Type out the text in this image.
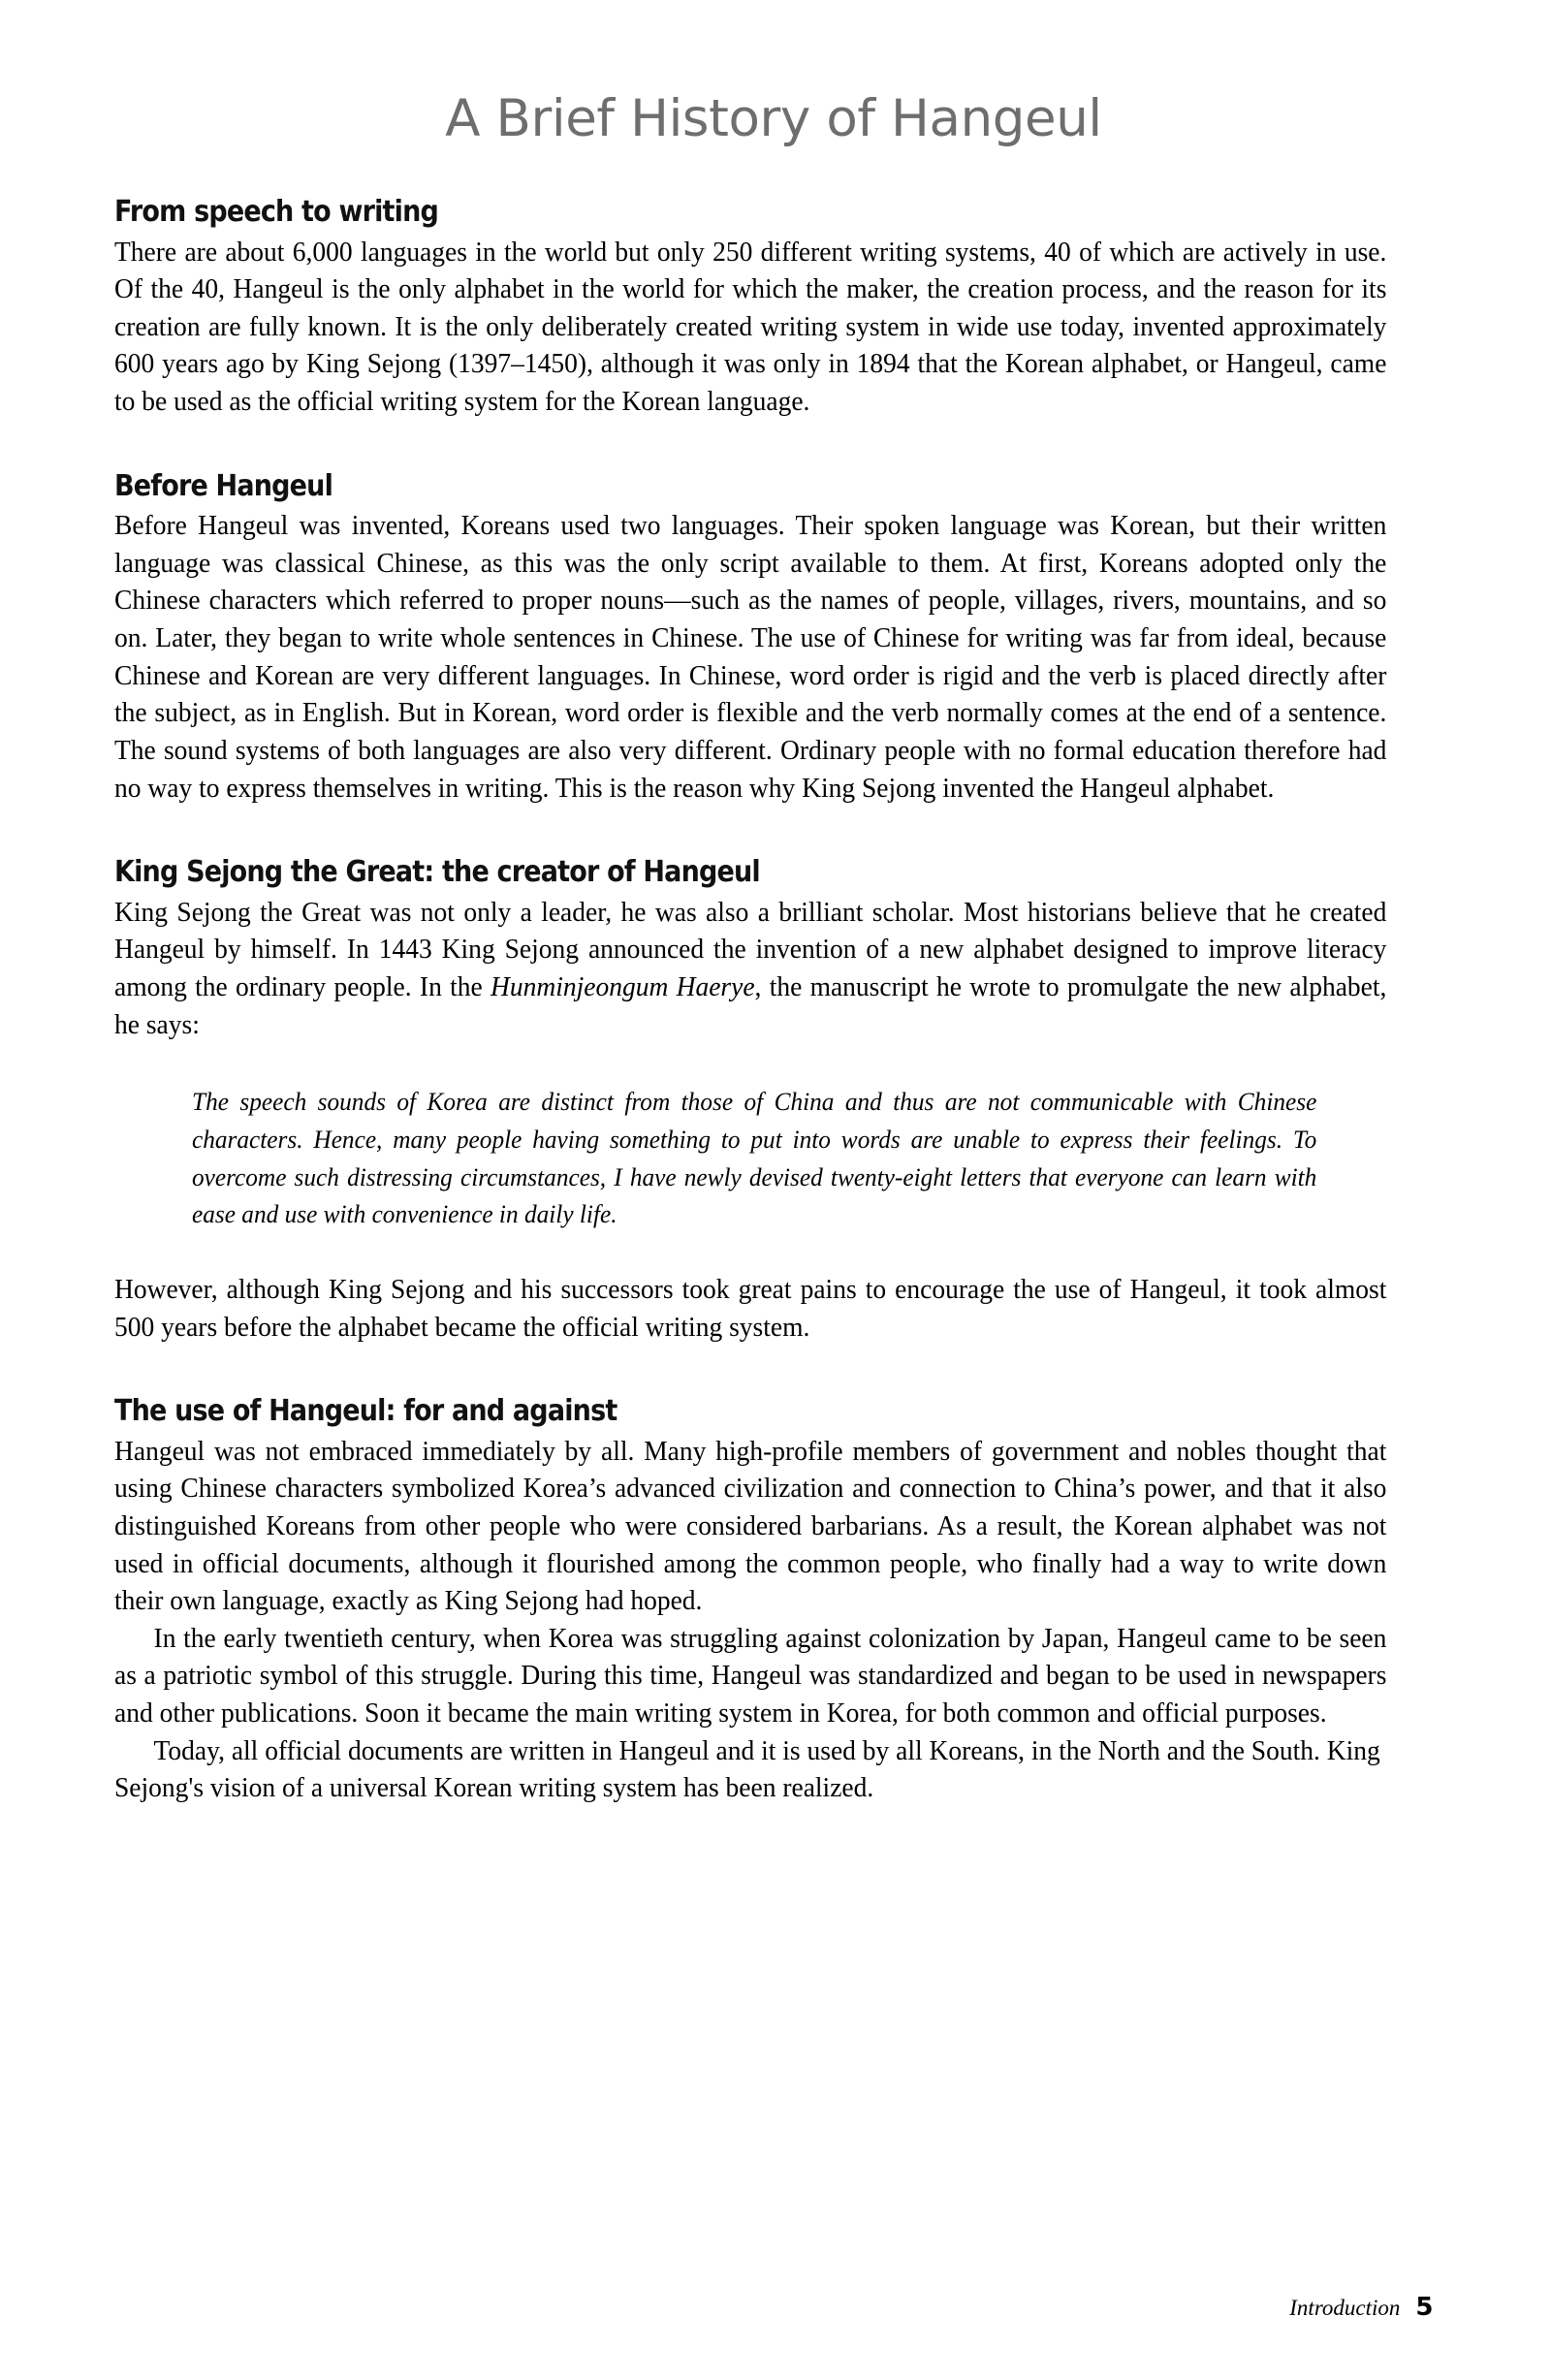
A Brief History of Hangeul
From speech to writing

There are about 6,000 languages in the world but only 250 different writing systems, 40 of which are actively in use. Of the 40, Hangeul is the only alphabet in the world for which the maker, the creation process, and the reason for its creation are fully known. It is the only deliberately created writing system in wide use today, invented approximately 600 years ago by King Sejong (1397–1450), although it was only in 1894 that the Korean alphabet, or Hangeul, came to be used as the official writing system for the Korean language.

Before Hangeul

Before Hangeul was invented, Koreans used two languages. Their spoken language was Korean, but their written language was classical Chinese, as this was the only script available to them. At first, Koreans adopted only the Chinese characters which referred to proper nouns—such as the names of people, villages, rivers, mountains, and so on. Later, they began to write whole sentences in Chinese. The use of Chinese for writing was far from ideal, because Chinese and Korean are very different languages. In Chinese, word order is rigid and the verb is placed directly after the subject, as in English. But in Korean, word order is flexible and the verb normally comes at the end of a sentence. The sound systems of both languages are also very different. Ordinary people with no formal education therefore had no way to express themselves in writing. This is the reason why King Sejong invented the Hangeul alphabet.

King Sejong the Great: the creator of Hangeul

King Sejong the Great was not only a leader, he was also a brilliant scholar. Most historians believe that he created Hangeul by himself. In 1443 King Sejong announced the invention of a new alphabet designed to improve literacy among the ordinary people. In the Hunminjeongum Haerye, the manuscript he wrote to promulgate the new alphabet, he says:

The speech sounds of Korea are distinct from those of China and thus are not communicable with Chinese characters. Hence, many people having something to put into words are unable to express their feelings. To overcome such distressing circumstances, I have newly devised twenty-eight letters that everyone can learn with ease and use with convenience in daily life.

However, although King Sejong and his successors took great pains to encourage the use of Hangeul, it took almost 500 years before the alphabet became the official writing system.

The use of Hangeul: for and against

Hangeul was not embraced immediately by all. Many high-profile members of government and nobles thought that using Chinese characters symbolized Korea’s advanced civilization and connection to China’s power, and that it also distinguished Koreans from other people who were considered barbarians. As a result, the Korean alphabet was not used in official documents, although it flourished among the common people, who finally had a way to write down their own language, exactly as King Sejong had hoped.

In the early twentieth century, when Korea was struggling against colonization by Japan, Hangeul came to be seen as a patriotic symbol of this struggle. During this time, Hangeul was standardized and began to be used in newspapers and other publications. Soon it became the main writing system in Korea, for both common and official purposes.

Today, all official documents are written in Hangeul and it is used by all Koreans, in the North and the South. King Sejong's vision of a universal Korean writing system has been realized.

Introduction 5
